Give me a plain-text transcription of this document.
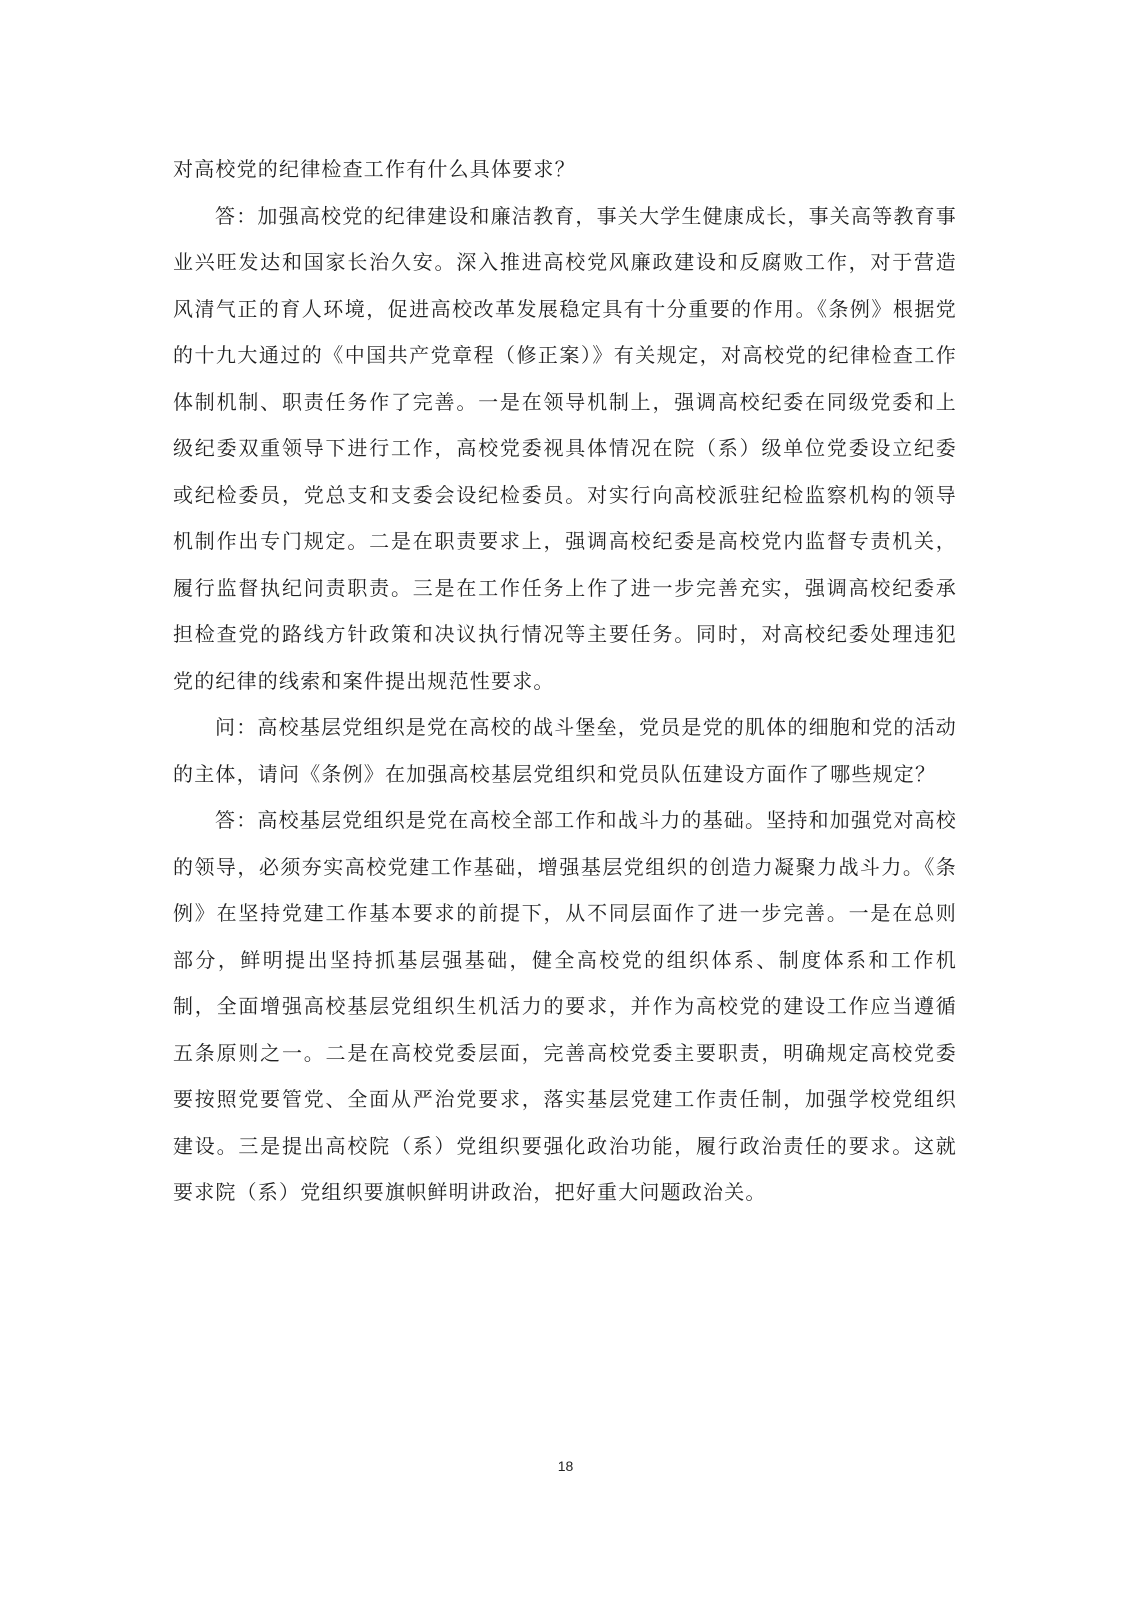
对高校党的纪律检查工作有什么具体要求？

答：加强高校党的纪律建设和廉洁教育，事关大学生健康成长，事关高等教育事业兴旺发达和国家长治久安。深入推进高校党风廉政建设和反腐败工作，对于营造风清气正的育人环境，促进高校改革发展稳定具有十分重要的作用。《条例》根据党的十九大通过的《中国共产党章程（修正案）》有关规定，对高校党的纪律检查工作体制机制、职责任务作了完善。一是在领导机制上，强调高校纪委在同级党委和上级纪委双重领导下进行工作，高校党委视具体情况在院（系）级单位党委设立纪委或纪检委员，党总支和支委会设纪检委员。对实行向高校派驻纪检监察机构的领导机制作出专门规定。二是在职责要求上，强调高校纪委是高校党内监督专责机关，履行监督执纪问责职责。三是在工作任务上作了进一步完善充实，强调高校纪委承担检查党的路线方针政策和决议执行情况等主要任务。同时，对高校纪委处理违犯党的纪律的线索和案件提出规范性要求。

问：高校基层党组织是党在高校的战斗堡垒，党员是党的肌体的细胞和党的活动的主体，请问《条例》在加强高校基层党组织和党员队伍建设方面作了哪些规定？

答：高校基层党组织是党在高校全部工作和战斗力的基础。坚持和加强党对高校的领导，必须夯实高校党建工作基础，增强基层党组织的创造力凝聚力战斗力。《条例》在坚持党建工作基本要求的前提下，从不同层面作了进一步完善。一是在总则部分，鲜明提出坚持抓基层强基础，健全高校党的组织体系、制度体系和工作机制，全面增强高校基层党组织生机活力的要求，并作为高校党的建设工作应当遵循五条原则之一。二是在高校党委层面，完善高校党委主要职责，明确规定高校党委要按照党要管党、全面从严治党要求，落实基层党建工作责任制，加强学校党组织建设。三是提出高校院（系）党组织要强化政治功能，履行政治责任的要求。这就要求院（系）党组织要旗帜鲜明讲政治，把好重大问题政治关。

18
